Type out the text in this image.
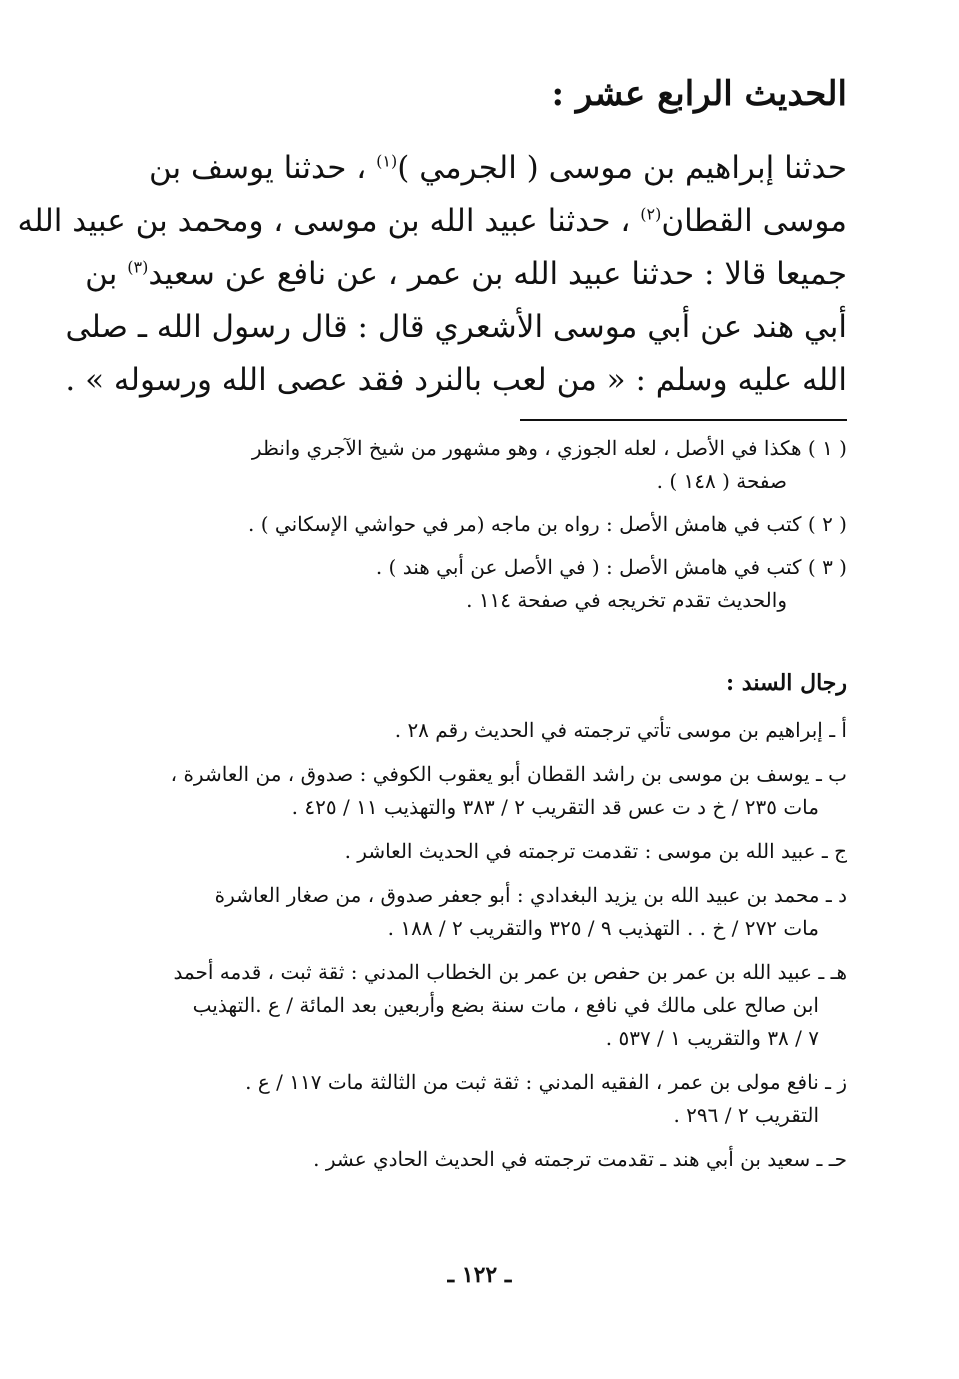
الحديث الرابع عشر :

حدثنا إبراهيم بن موسى ( الجرمي )$^{(١)}$ ، حدثنا يوسف بن
موسى القطان$^{(٢)}$ ، حدثنا عبيد الله بن موسى ، ومحمد بن عبيد الله
جميعا قالا : حدثنا عبيد الله بن عمر ، عن نافع عن سعيد$^{(٣)}$ بن
أبي هند عن أبي موسى الأشعري قال : قال رسول الله ـ صلى
الله عليه وسلم : « من لعب بالنرد فقد عصى الله ورسوله » .

( ١ ) هكذا في الأصل ، لعله الجوزي ، وهو مشهور من شيخ الآجري وانظر
صفحة ( ١٤٨ ) .

( ٢ ) كتب في هامش الأصل : رواه بن ماجه (مر في حواشي الإسكاني ) .

( ٣ ) كتب في هامش الأصل : ( في الأصل عن أبي هند ) .
والحديث تقدم تخريجه في صفحة ١١٤ .

رجال السند :

أ ـ إبراهيم بن موسى تأتي ترجمته في الحديث رقم ٢٨ .

ب ـ يوسف بن موسى بن راشد القطان أبو يعقوب الكوفي : صدوق ، من العاشرة ،
مات ٢٣٥ / خ د ت عس قد التقريب ٢ / ٣٨٣ والتهذيب ١١ / ٤٢٥ .

ج ـ عبيد الله بن موسى : تقدمت ترجمته في الحديث العاشر .

د ـ محمد بن عبيد الله بن يزيد البغدادي : أبو جعفر صدوق ، من صغار العاشرة
مات ٢٧٢ / خ . . التهذيب ٩ / ٣٢٥ والتقريب ٢ / ١٨٨ .

هـ ـ عبيد الله بن عمر بن حفص بن عمر بن الخطاب المدني : ثقة ثبت ، قدمه أحمد
ابن صالح على مالك في نافع ، مات سنة بضع وأربعين بعد المائة / ع .التهذيب
٧ / ٣٨ والتقريب ١ / ٥٣٧ .

ز ـ نافع مولى بن عمر ، الفقيه المدني : ثقة ثبت من الثالثة مات ١١٧ / ع .
التقريب ٢ / ٢٩٦ .

حـ ـ سعيد بن أبي هند ـ تقدمت ترجمته في الحديث الحادي عشر .

ـ ١٢٢ ـ
